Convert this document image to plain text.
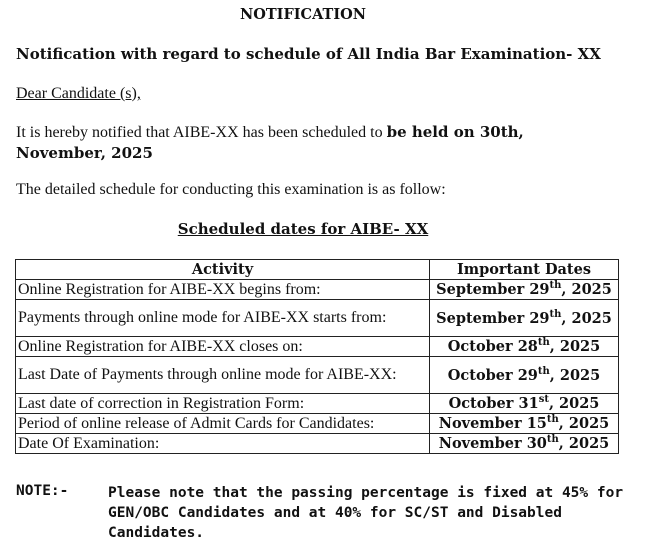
NOTIFICATION
Notification with regard to schedule of All India Bar Examination- XX
Dear Candidate (s),
It is hereby notified that AIBE-XX has been scheduled to be held on 30th, November, 2025
The detailed schedule for conducting this examination is as follow:
Scheduled dates for AIBE- XX
Activity	Important Dates
Online Registration for AIBE-XX begins from:	September 29th, 2025
Payments through online mode for AIBE-XX starts from:	September 29th, 2025
Online Registration for AIBE-XX closes on:	October 28th, 2025
Last Date of Payments through online mode for AIBE-XX:	October 29th, 2025
Last date of correction in Registration Form:	October 31st, 2025
Period of online release of Admit Cards for Candidates:	November 15th, 2025
Date Of Examination:	November 30th, 2025
NOTE:-	Please note that the passing percentage is fixed at 45% for GEN/OBC Candidates and at 40% for SC/ST and Disabled Candidates.
